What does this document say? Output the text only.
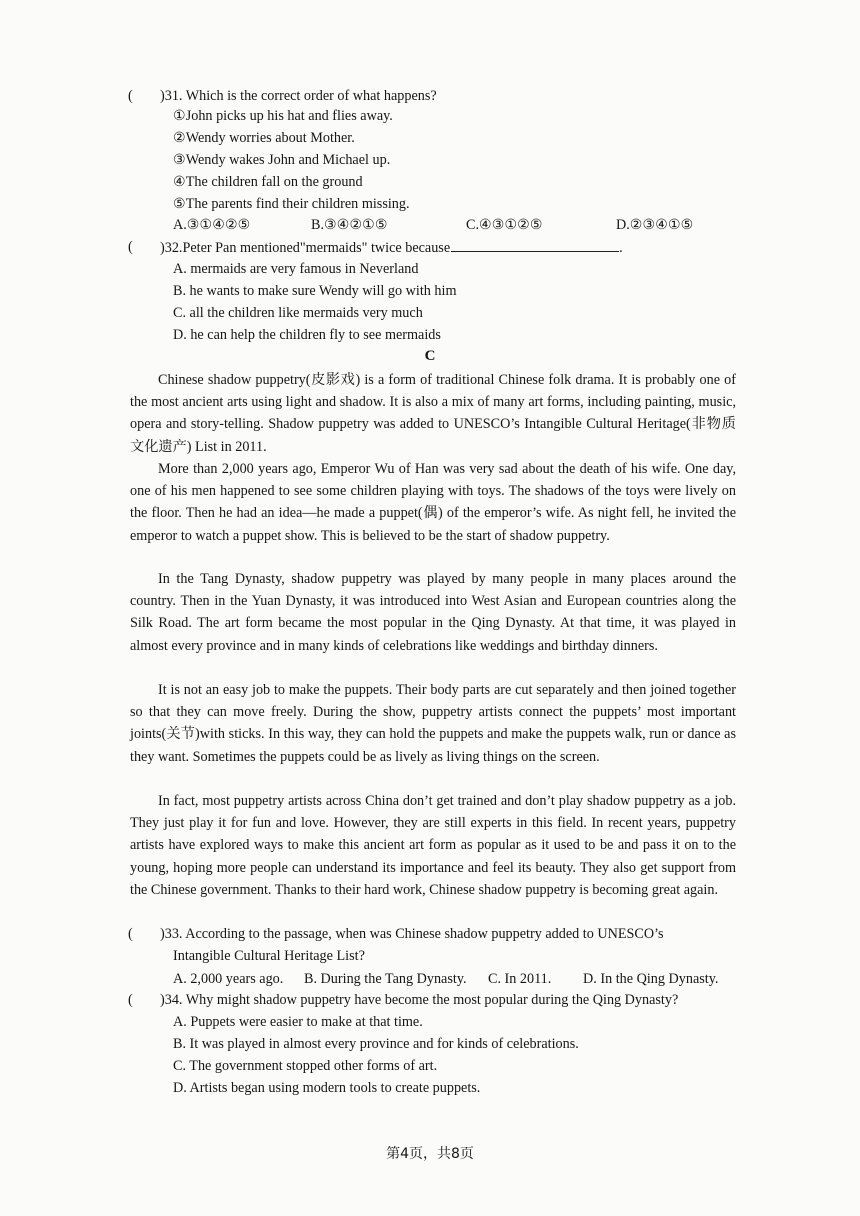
( )31. Which is the correct order of what happens?
①John picks up his hat and flies away.
②Wendy worries about Mother.
③Wendy wakes John and Michael up.
④The children fall on the ground
⑤The parents find their children missing.
A.③①④②⑤	B.③④②①⑤	C.④③①②⑤	D.②③④①⑤
( )32.Peter Pan mentioned"mermaids" twice because	.
A. mermaids are very famous in Neverland
B. he wants to make sure Wendy will go with him
C. all the children like mermaids very much
D. he can help the children fly to see mermaids
C
Chinese shadow puppetry(皮影戏) is a form of traditional Chinese folk drama. It is probably one of the most ancient arts using light and shadow. It is also a mix of many art forms, including painting, music, opera and story-telling. Shadow puppetry was added to UNESCO’s Intangible Cultural Heritage(非物质文化遗产) List in 2011.
More than 2,000 years ago, Emperor Wu of Han was very sad about the death of his wife. One day, one of his men happened to see some children playing with toys. The shadows of the toys were lively on the floor. Then he had an idea—he made a puppet(偶) of the emperor’s wife. As night fell, he invited the emperor to watch a puppet show. This is believed to be the start of shadow puppetry.
In the Tang Dynasty, shadow puppetry was played by many people in many places around the country. Then in the Yuan Dynasty, it was introduced into West Asian and European countries along the Silk Road. The art form became the most popular in the Qing Dynasty. At that time, it was played in almost every province and in many kinds of celebrations like weddings and birthday dinners.
It is not an easy job to make the puppets. Their body parts are cut separately and then joined together so that they can move freely. During the show, puppetry artists connect the puppets’ most important joints(关节)with sticks. In this way, they can hold the puppets and make the puppets walk, run or dance as they want. Sometimes the puppets could be as lively as living things on the screen.
In fact, most puppetry artists across China don’t get trained and don’t play shadow puppetry as a job. They just play it for fun and love. However, they are still experts in this field. In recent years, puppetry artists have explored ways to make this ancient art form as popular as it used to be and pass it on to the young, hoping more people can understand its importance and feel its beauty. They also get support from the Chinese government. Thanks to their hard work, Chinese shadow puppetry is becoming great again.
( )33. According to the passage, when was Chinese shadow puppetry added to UNESCO’s
Intangible Cultural Heritage List?
A. 2,000 years ago. B. During the Tang Dynasty. C. In 2011. D. In the Qing Dynasty.
( )34. Why might shadow puppetry have become the most popular during the Qing Dynasty?
A. Puppets were easier to make at that time.
B. It was played in almost every province and for kinds of celebrations.
C. The government stopped other forms of art.
D. Artists began using modern tools to create puppets.
第4页，共8页
